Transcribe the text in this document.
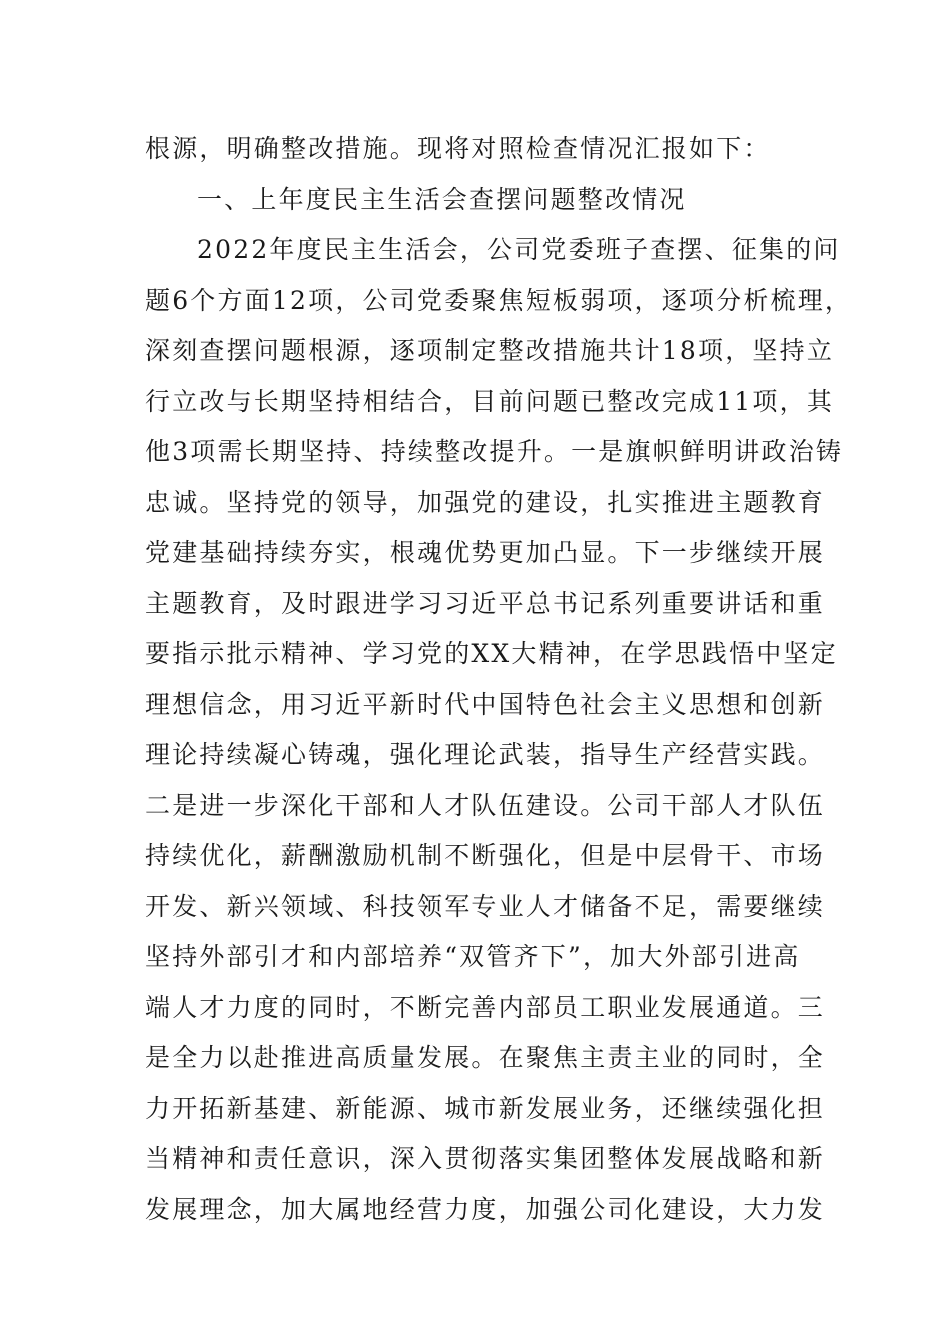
根源，明确整改措施。现将对照检查情况汇报如下：
一、上年度民主生活会查摆问题整改情况
2022年度民主生活会，公司党委班子查摆、征集的问
题6个方面12项，公司党委聚焦短板弱项，逐项分析梳理，
深刻查摆问题根源，逐项制定整改措施共计18项，坚持立
行立改与长期坚持相结合，目前问题已整改完成11项，其
他3项需长期坚持、持续整改提升。一是旗帜鲜明讲政治铸
忠诚。坚持党的领导，加强党的建设，扎实推进主题教育
党建基础持续夯实，根魂优势更加凸显。下一步继续开展
主题教育，及时跟进学习习近平总书记系列重要讲话和重
要指示批示精神、学习党的XX大精神，在学思践悟中坚定
理想信念，用习近平新时代中国特色社会主义思想和创新
理论持续凝心铸魂，强化理论武装，指导生产经营实践。
二是进一步深化干部和人才队伍建设。公司干部人才队伍
持续优化，薪酬激励机制不断强化，但是中层骨干、市场
开发、新兴领域、科技领军专业人才储备不足，需要继续
坚持外部引才和内部培养“双管齐下”，加大外部引进高
端人才力度的同时，不断完善内部员工职业发展通道。三
是全力以赴推进高质量发展。在聚焦主责主业的同时，全
力开拓新基建、新能源、城市新发展业务，还继续强化担
当精神和责任意识，深入贯彻落实集团整体发展战略和新
发展理念，加大属地经营力度，加强公司化建设，大力发
